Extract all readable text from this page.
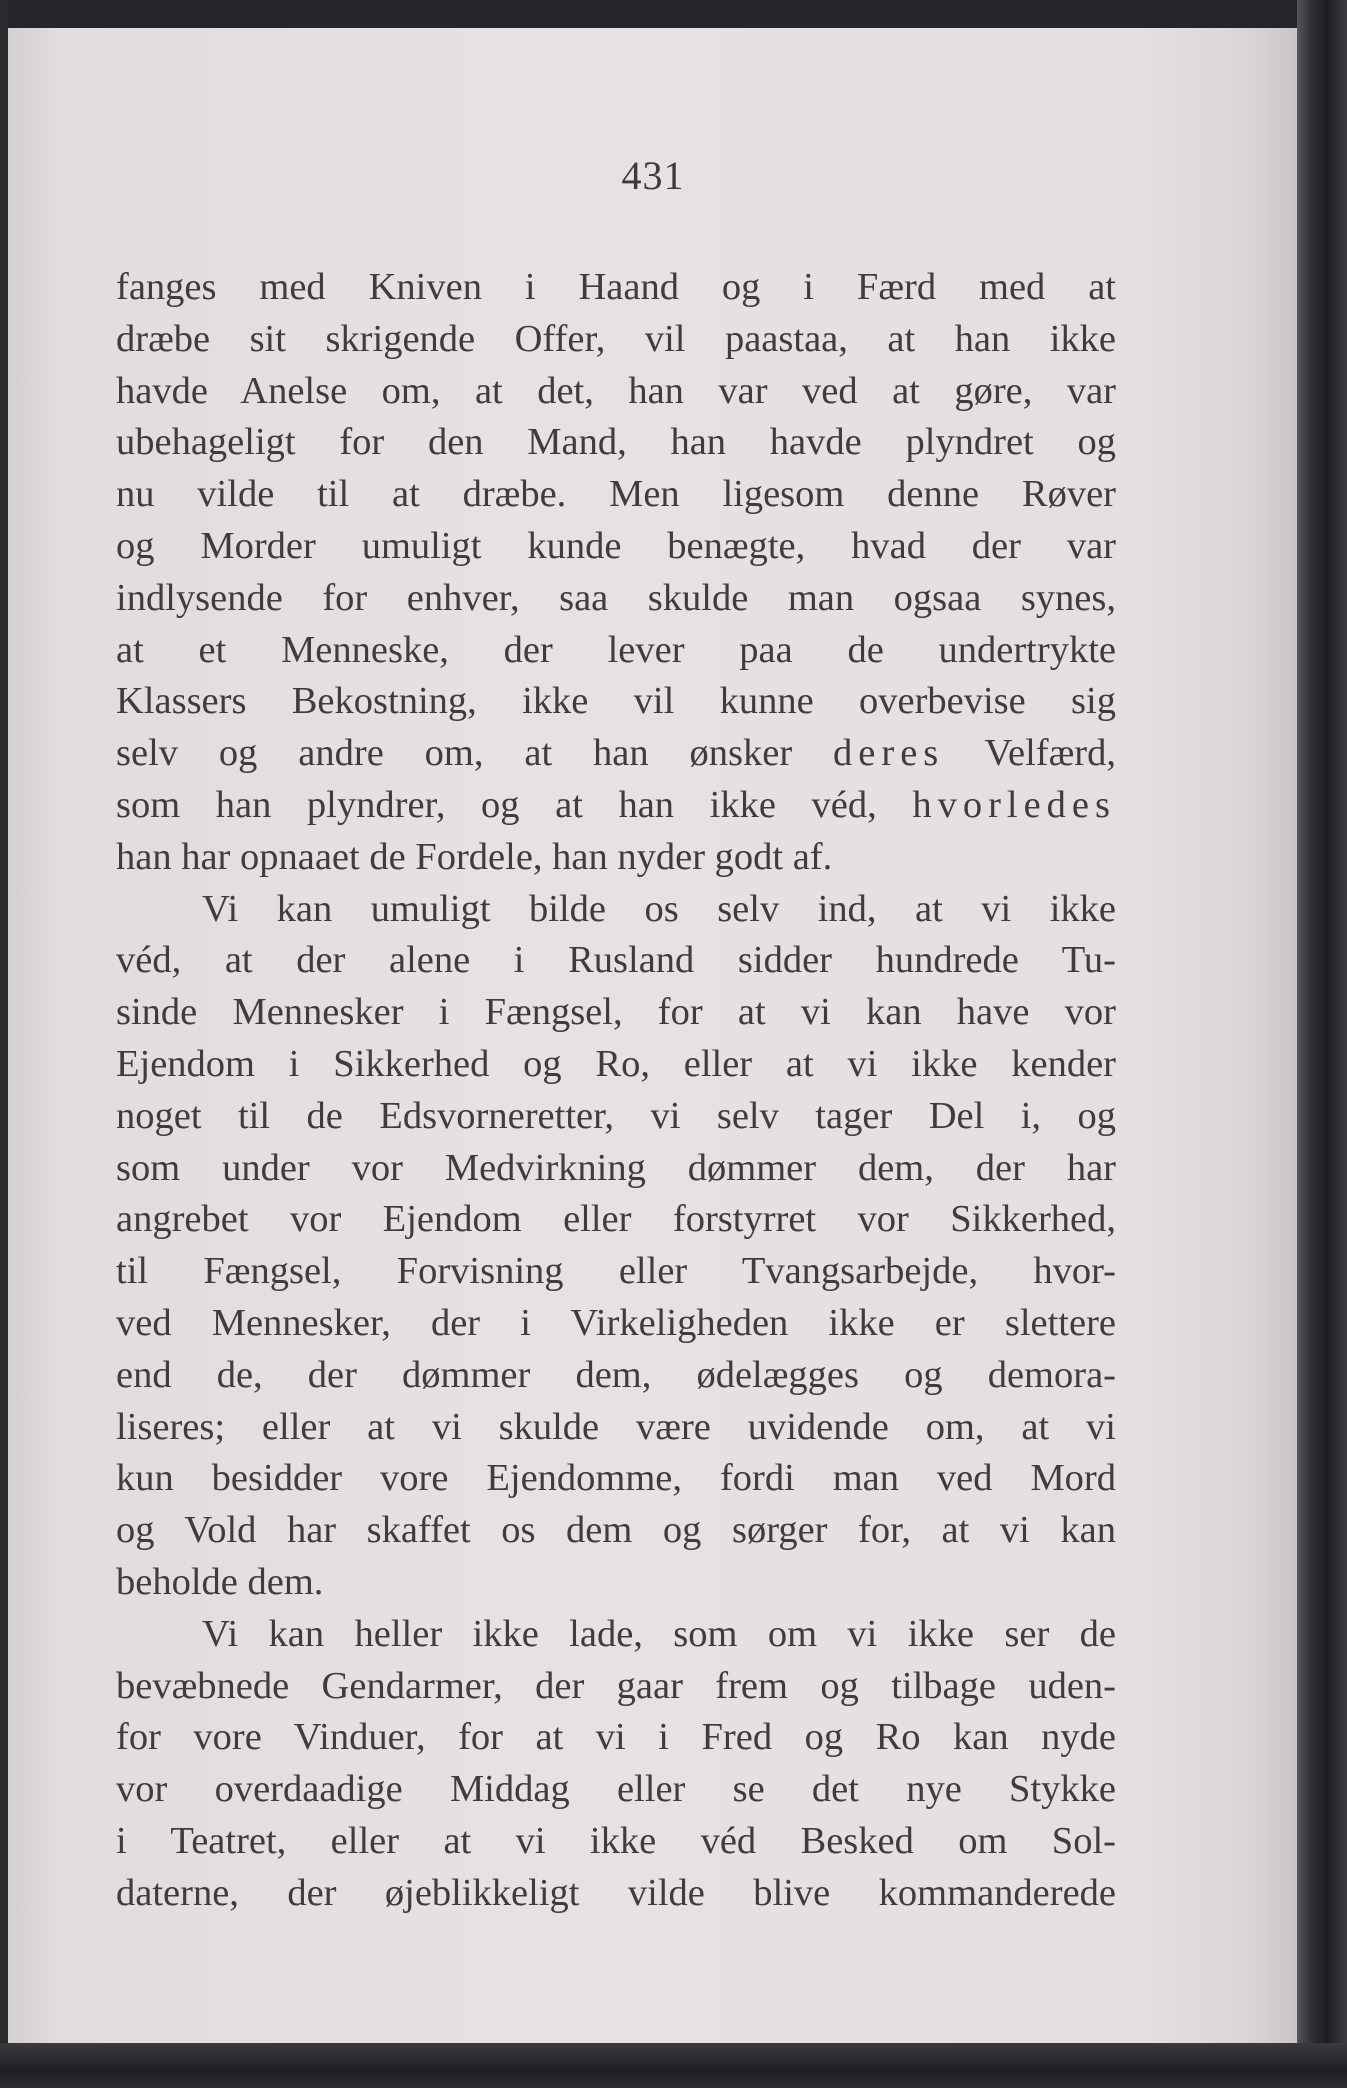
431
fanges med Kniven i Haand og i Færd med at
dræbe sit skrigende Offer, vil paastaa, at han ikke
havde Anelse om, at det, han var ved at gøre, var
ubehageligt for den Mand, han havde plyndret og
nu vilde til at dræbe. Men ligesom denne Røver
og Morder umuligt kunde benægte, hvad der var
indlysende for enhver, saa skulde man ogsaa synes,
at et Menneske, der lever paa de undertrykte
Klassers Bekostning, ikke vil kunne overbevise sig
selv og andre om, at han ønsker deres Velfærd,
som han plyndrer, og at han ikke véd, hvorledes
han har opnaaet de Fordele, han nyder godt af.
Vi kan umuligt bilde os selv ind, at vi ikke
véd, at der alene i Rusland sidder hundrede Tu-
sinde Mennesker i Fængsel, for at vi kan have vor
Ejendom i Sikkerhed og Ro, eller at vi ikke kender
noget til de Edsvorneretter, vi selv tager Del i, og
som under vor Medvirkning dømmer dem, der har
angrebet vor Ejendom eller forstyrret vor Sikkerhed,
til Fængsel, Forvisning eller Tvangsarbejde, hvor-
ved Mennesker, der i Virkeligheden ikke er slettere
end de, der dømmer dem, ødelægges og demora-
liseres; eller at vi skulde være uvidende om, at vi
kun besidder vore Ejendomme, fordi man ved Mord
og Vold har skaffet os dem og sørger for, at vi kan
beholde dem.
Vi kan heller ikke lade, som om vi ikke ser de
bevæbnede Gendarmer, der gaar frem og tilbage uden-
for vore Vinduer, for at vi i Fred og Ro kan nyde
vor overdaadige Middag eller se det nye Stykke
i Teatret, eller at vi ikke véd Besked om Sol-
daterne, der øjeblikkeligt vilde blive kommanderede
